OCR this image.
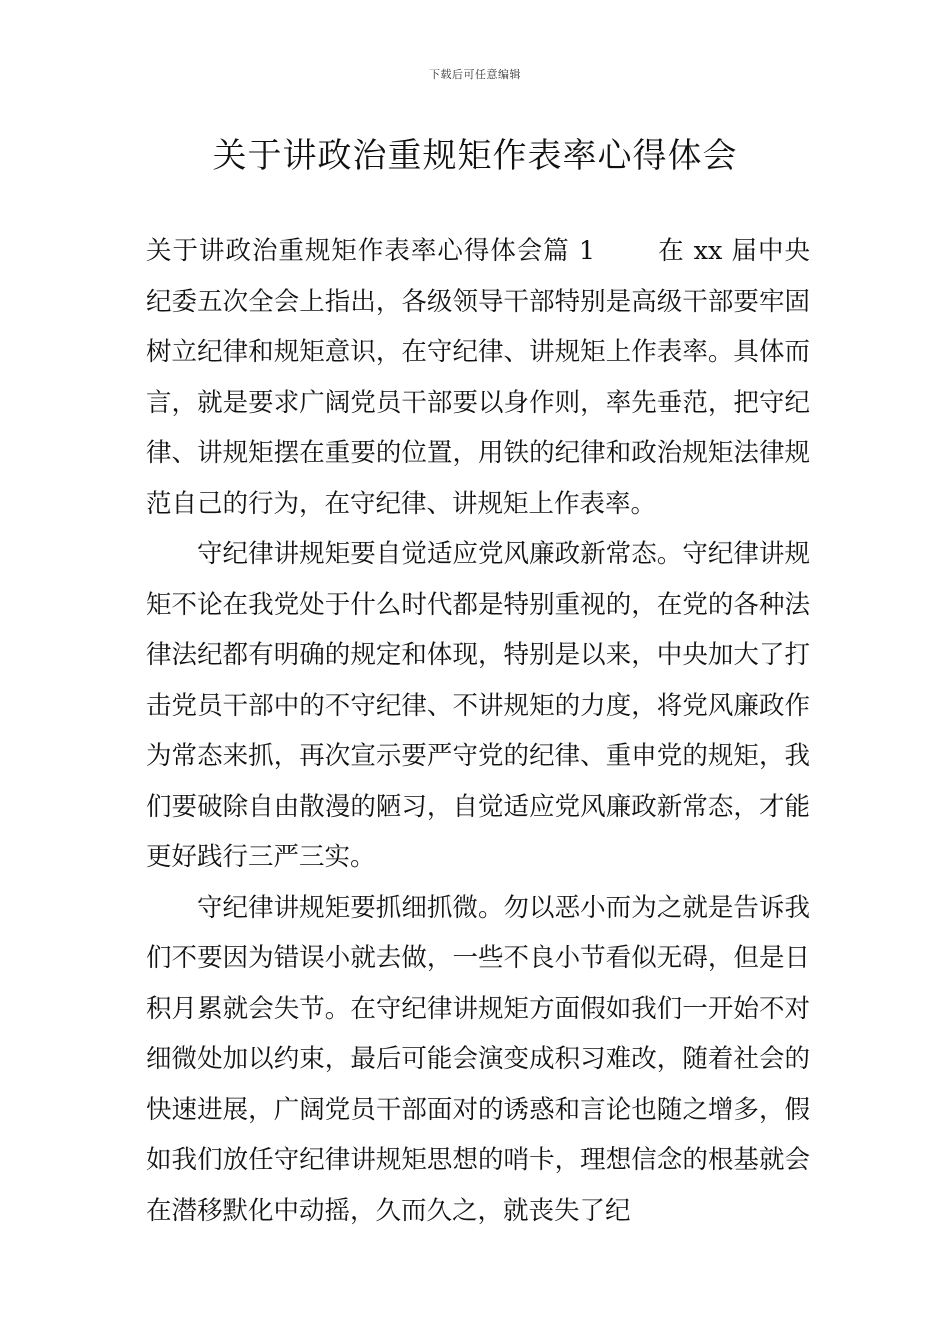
下载后可任意编辑
关于讲政治重规矩作表率心得体会

关于讲政治重规矩作表率心得体会篇 1 在 xx 届中央纪委五次全会上指出，各级领导干部特别是高级干部要牢固树立纪律和规矩意识，在守纪律、讲规矩上作表率。具体而言，就是要求广阔党员干部要以身作则，率先垂范，把守纪律、讲规矩摆在重要的位置，用铁的纪律和政治规矩法律规范自己的行为，在守纪律、讲规矩上作表率。

守纪律讲规矩要自觉适应党风廉政新常态。守纪律讲规矩不论在我党处于什么时代都是特别重视的，在党的各种法律法纪都有明确的规定和体现，特别是以来，中央加大了打击党员干部中的不守纪律、不讲规矩的力度，将党风廉政作为常态来抓，再次宣示要严守党的纪律、重申党的规矩，我们要破除自由散漫的陋习，自觉适应党风廉政新常态，才能更好践行三严三实。

守纪律讲规矩要抓细抓微。勿以恶小而为之就是告诉我们不要因为错误小就去做，一些不良小节看似无碍，但是日积月累就会失节。在守纪律讲规矩方面假如我们一开始不对细微处加以约束，最后可能会演变成积习难改，随着社会的快速进展，广阔党员干部面对的诱惑和言论也随之增多，假如我们放任守纪律讲规矩思想的哨卡，理想信念的根基就会在潜移默化中动摇，久而久之，就丧失了纪
